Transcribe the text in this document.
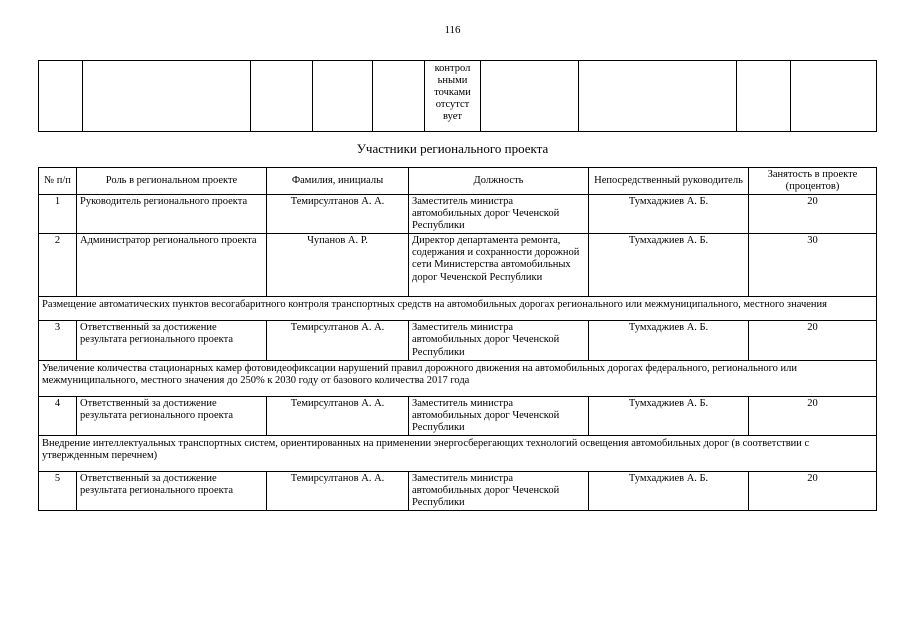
116

контрол
ьными
точками
отсутст
вует

Участники регионального проекта
№ п/п	Роль в региональном проекте	Фамилия, инициалы	Должность	Непосредственный руководитель	Занятость в проекте (процентов)
1	Руководитель регионального проекта	Темирсултанов А. А.	Заместитель министра автомобильных дорог Чеченской Республики	Тумхаджиев А. Б.	20
2	Администратор регионального проекта	Чупанов А. Р.	Директор департамента ремонта, содержания и сохранности дорожной сети Министерства автомобильных дорог Чеченской Республики	Тумхаджиев А. Б.	30
Размещение автоматических пунктов весогабаритного контроля транспортных средств на автомобильных дорогах регионального или межмуниципального, местного значения					
3	Ответственный за достижение результата регионального проекта	Темирсултанов А. А.	Заместитель министра автомобильных дорог Чеченской Республики	Тумхаджиев А. Б.	20
Увеличение количества стационарных камер фотовидеофиксации нарушений правил дорожного движения на автомобильных дорогах федерального, регионального или межмуниципального, местного значения до 250% к 2030 году от базового количества 2017 года					
4	Ответственный за достижение результата регионального проекта	Темирсултанов А. А.	Заместитель министра автомобильных дорог Чеченской Республики	Тумхаджиев А. Б.	20
Внедрение интеллектуальных транспортных систем, ориентированных на применении энергосберегающих технологий освещения автомобильных дорог (в соответствии с утвержденным перечнем)					
5	Ответственный за достижение результата регионального проекта	Темирсултанов А. А.	Заместитель министра автомобильных дорог Чеченской Республики	Тумхаджиев А. Б.	20
